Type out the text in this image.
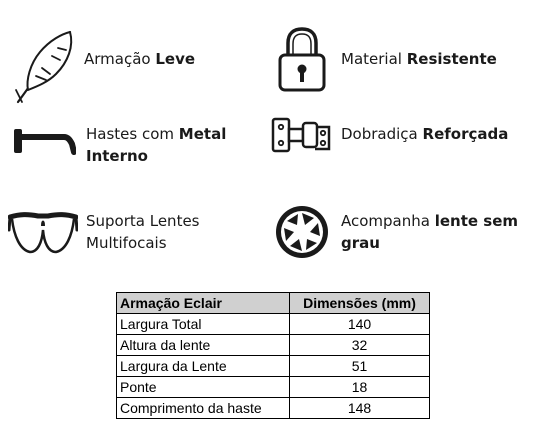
Armação Leve	Material Resistente
Hastes com Metal
Interno
Dobradiça Reforçada
Suporta Lentes
Multifocais
Acompanha lente sem
grau
Armação Eclair	Dimensões (mm)
Largura Total	140
Altura da lente	32
Largura da Lente	51
Ponte	18
Comprimento da haste	148
